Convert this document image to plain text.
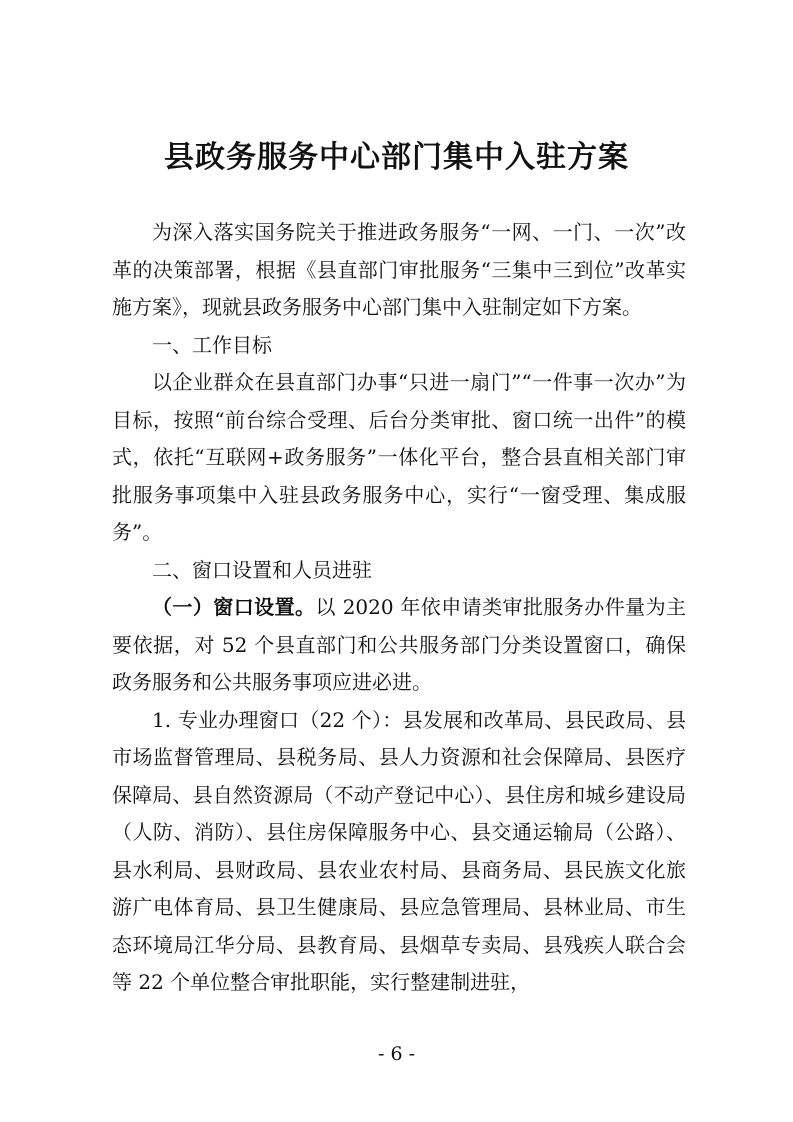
县政务服务中心部门集中入驻方案

为深入落实国务院关于推进政务服务“一网、一门、一次”改革的决策部署，根据《县直部门审批服务“三集中三到位”改革实施方案》，现就县政务服务中心部门集中入驻制定如下方案。

一、工作目标

以企业群众在县直部门办事“只进一扇门”“一件事一次办”为目标，按照“前台综合受理、后台分类审批、窗口统一出件”的模式，依托“互联网+政务服务”一体化平台，整合县直相关部门审批服务事项集中入驻县政务服务中心，实行“一窗受理、集成服务”。

二、窗口设置和人员进驻

（一）窗口设置。以 2020 年依申请类审批服务办件量为主要依据，对 52 个县直部门和公共服务部门分类设置窗口，确保政务服务和公共服务事项应进必进。

1. 专业办理窗口（22 个）：县发展和改革局、县民政局、县市场监督管理局、县税务局、县人力资源和社会保障局、县医疗保障局、县自然资源局（不动产登记中心）、县住房和城乡建设局（人防、消防）、县住房保障服务中心、县交通运输局（公路）、县水利局、县财政局、县农业农村局、县商务局、县民族文化旅游广电体育局、县卫生健康局、县应急管理局、县林业局、市生态环境局江华分局、县教育局、县烟草专卖局、县残疾人联合会等 22 个单位整合审批职能，实行整建制进驻，

- 6 -
